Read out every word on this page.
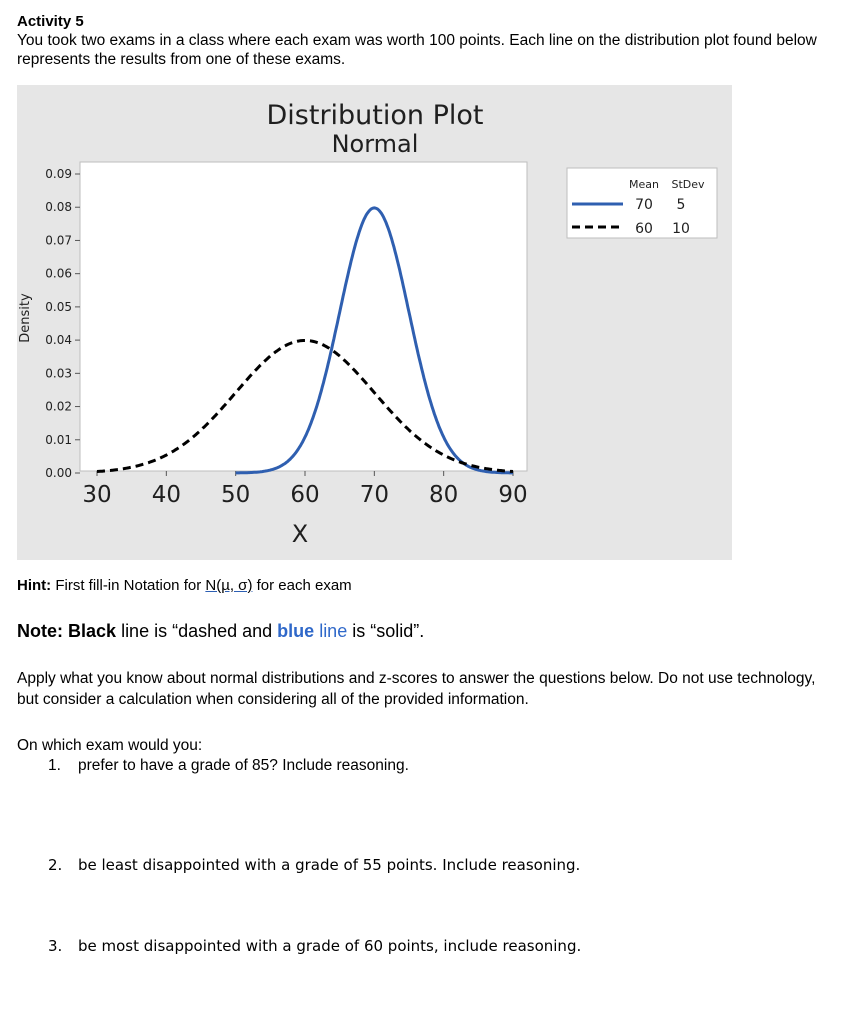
Activity 5
You took two exams in a class where each exam was worth 100 points. Each line on the distribution plot found below represents the results from one of these exams.
Distribution Plot
Normal
X
Density
0.00
0.01
0.02
0.03
0.04
0.05
0.06
0.07
0.08
0.09
30 40 50 60 70 80 90
Mean StDev
70 5
60 10
Hint: First fill-in Notation for N(µ, σ) for each exam
Note: Black line is “dashed and blue line is “solid”.
Apply what you know about normal distributions and z-scores to answer the questions below. Do not use technology, but consider a calculation when considering all of the provided information.
On which exam would you:
1. prefer to have a grade of 85? Include reasoning.
2. be least disappointed with a grade of 55 points. Include reasoning.
3. be most disappointed with a grade of 60 points, include reasoning.
